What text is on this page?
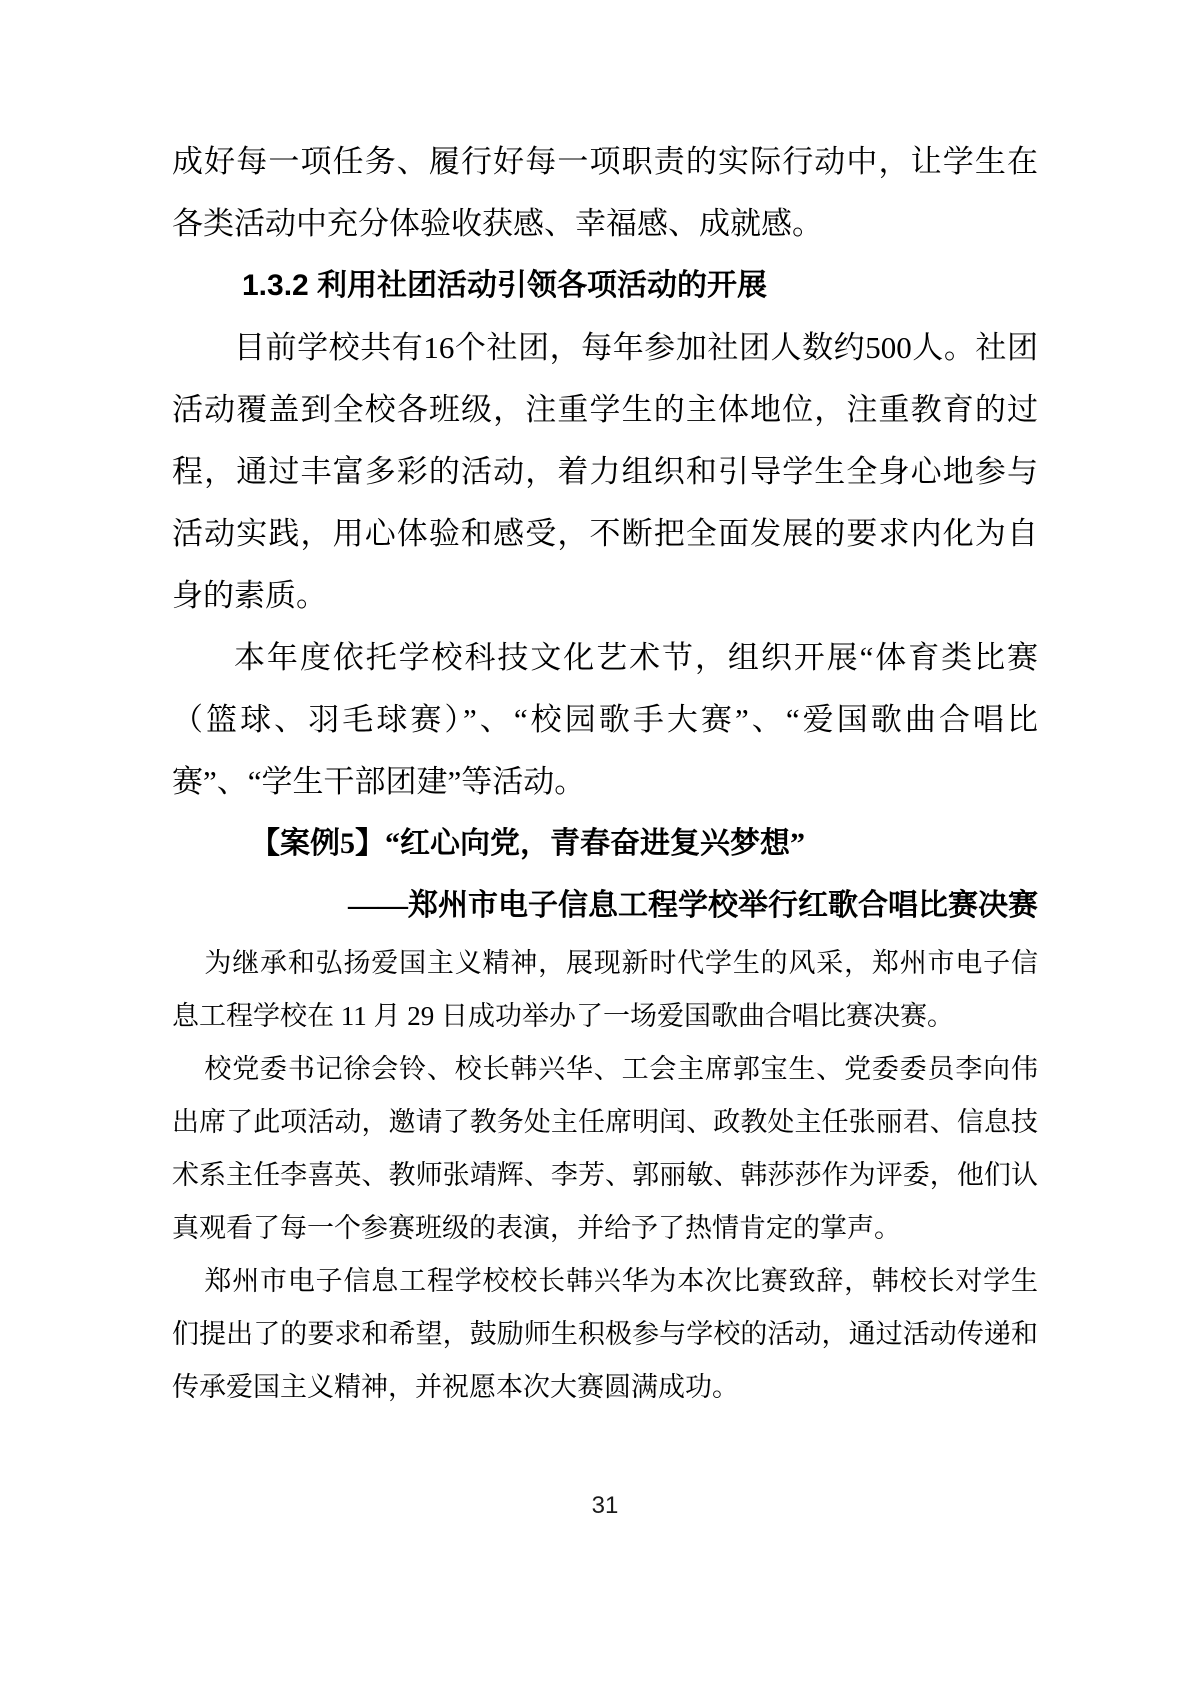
成好每一项任务、履行好每一项职责的实际行动中，让学生在各类活动中充分体验收获感、幸福感、成就感。

1.3.2 利用社团活动引领各项活动的开展

目前学校共有16个社团，每年参加社团人数约500人。社团活动覆盖到全校各班级，注重学生的主体地位，注重教育的过程，通过丰富多彩的活动，着力组织和引导学生全身心地参与活动实践，用心体验和感受，不断把全面发展的要求内化为自身的素质。

本年度依托学校科技文化艺术节，组织开展“体育类比赛（篮球、羽毛球赛）”、“校园歌手大赛”、“爱国歌曲合唱比赛”、“学生干部团建”等活动。

【案例5】“红心向党，青春奋进复兴梦想”
——郑州市电子信息工程学校举行红歌合唱比赛决赛

为继承和弘扬爱国主义精神，展现新时代学生的风采，郑州市电子信息工程学校在 11 月 29 日成功举办了一场爱国歌曲合唱比赛决赛。

校党委书记徐会铃、校长韩兴华、工会主席郭宝生、党委委员李向伟出席了此项活动，邀请了教务处主任席明闰、政教处主任张丽君、信息技术系主任李喜英、教师张靖辉、李芳、郭丽敏、韩莎莎作为评委，他们认真观看了每一个参赛班级的表演，并给予了热情肯定的掌声。

郑州市电子信息工程学校校长韩兴华为本次比赛致辞，韩校长对学生们提出了的要求和希望，鼓励师生积极参与学校的活动，通过活动传递和传承爱国主义精神，并祝愿本次大赛圆满成功。

31
